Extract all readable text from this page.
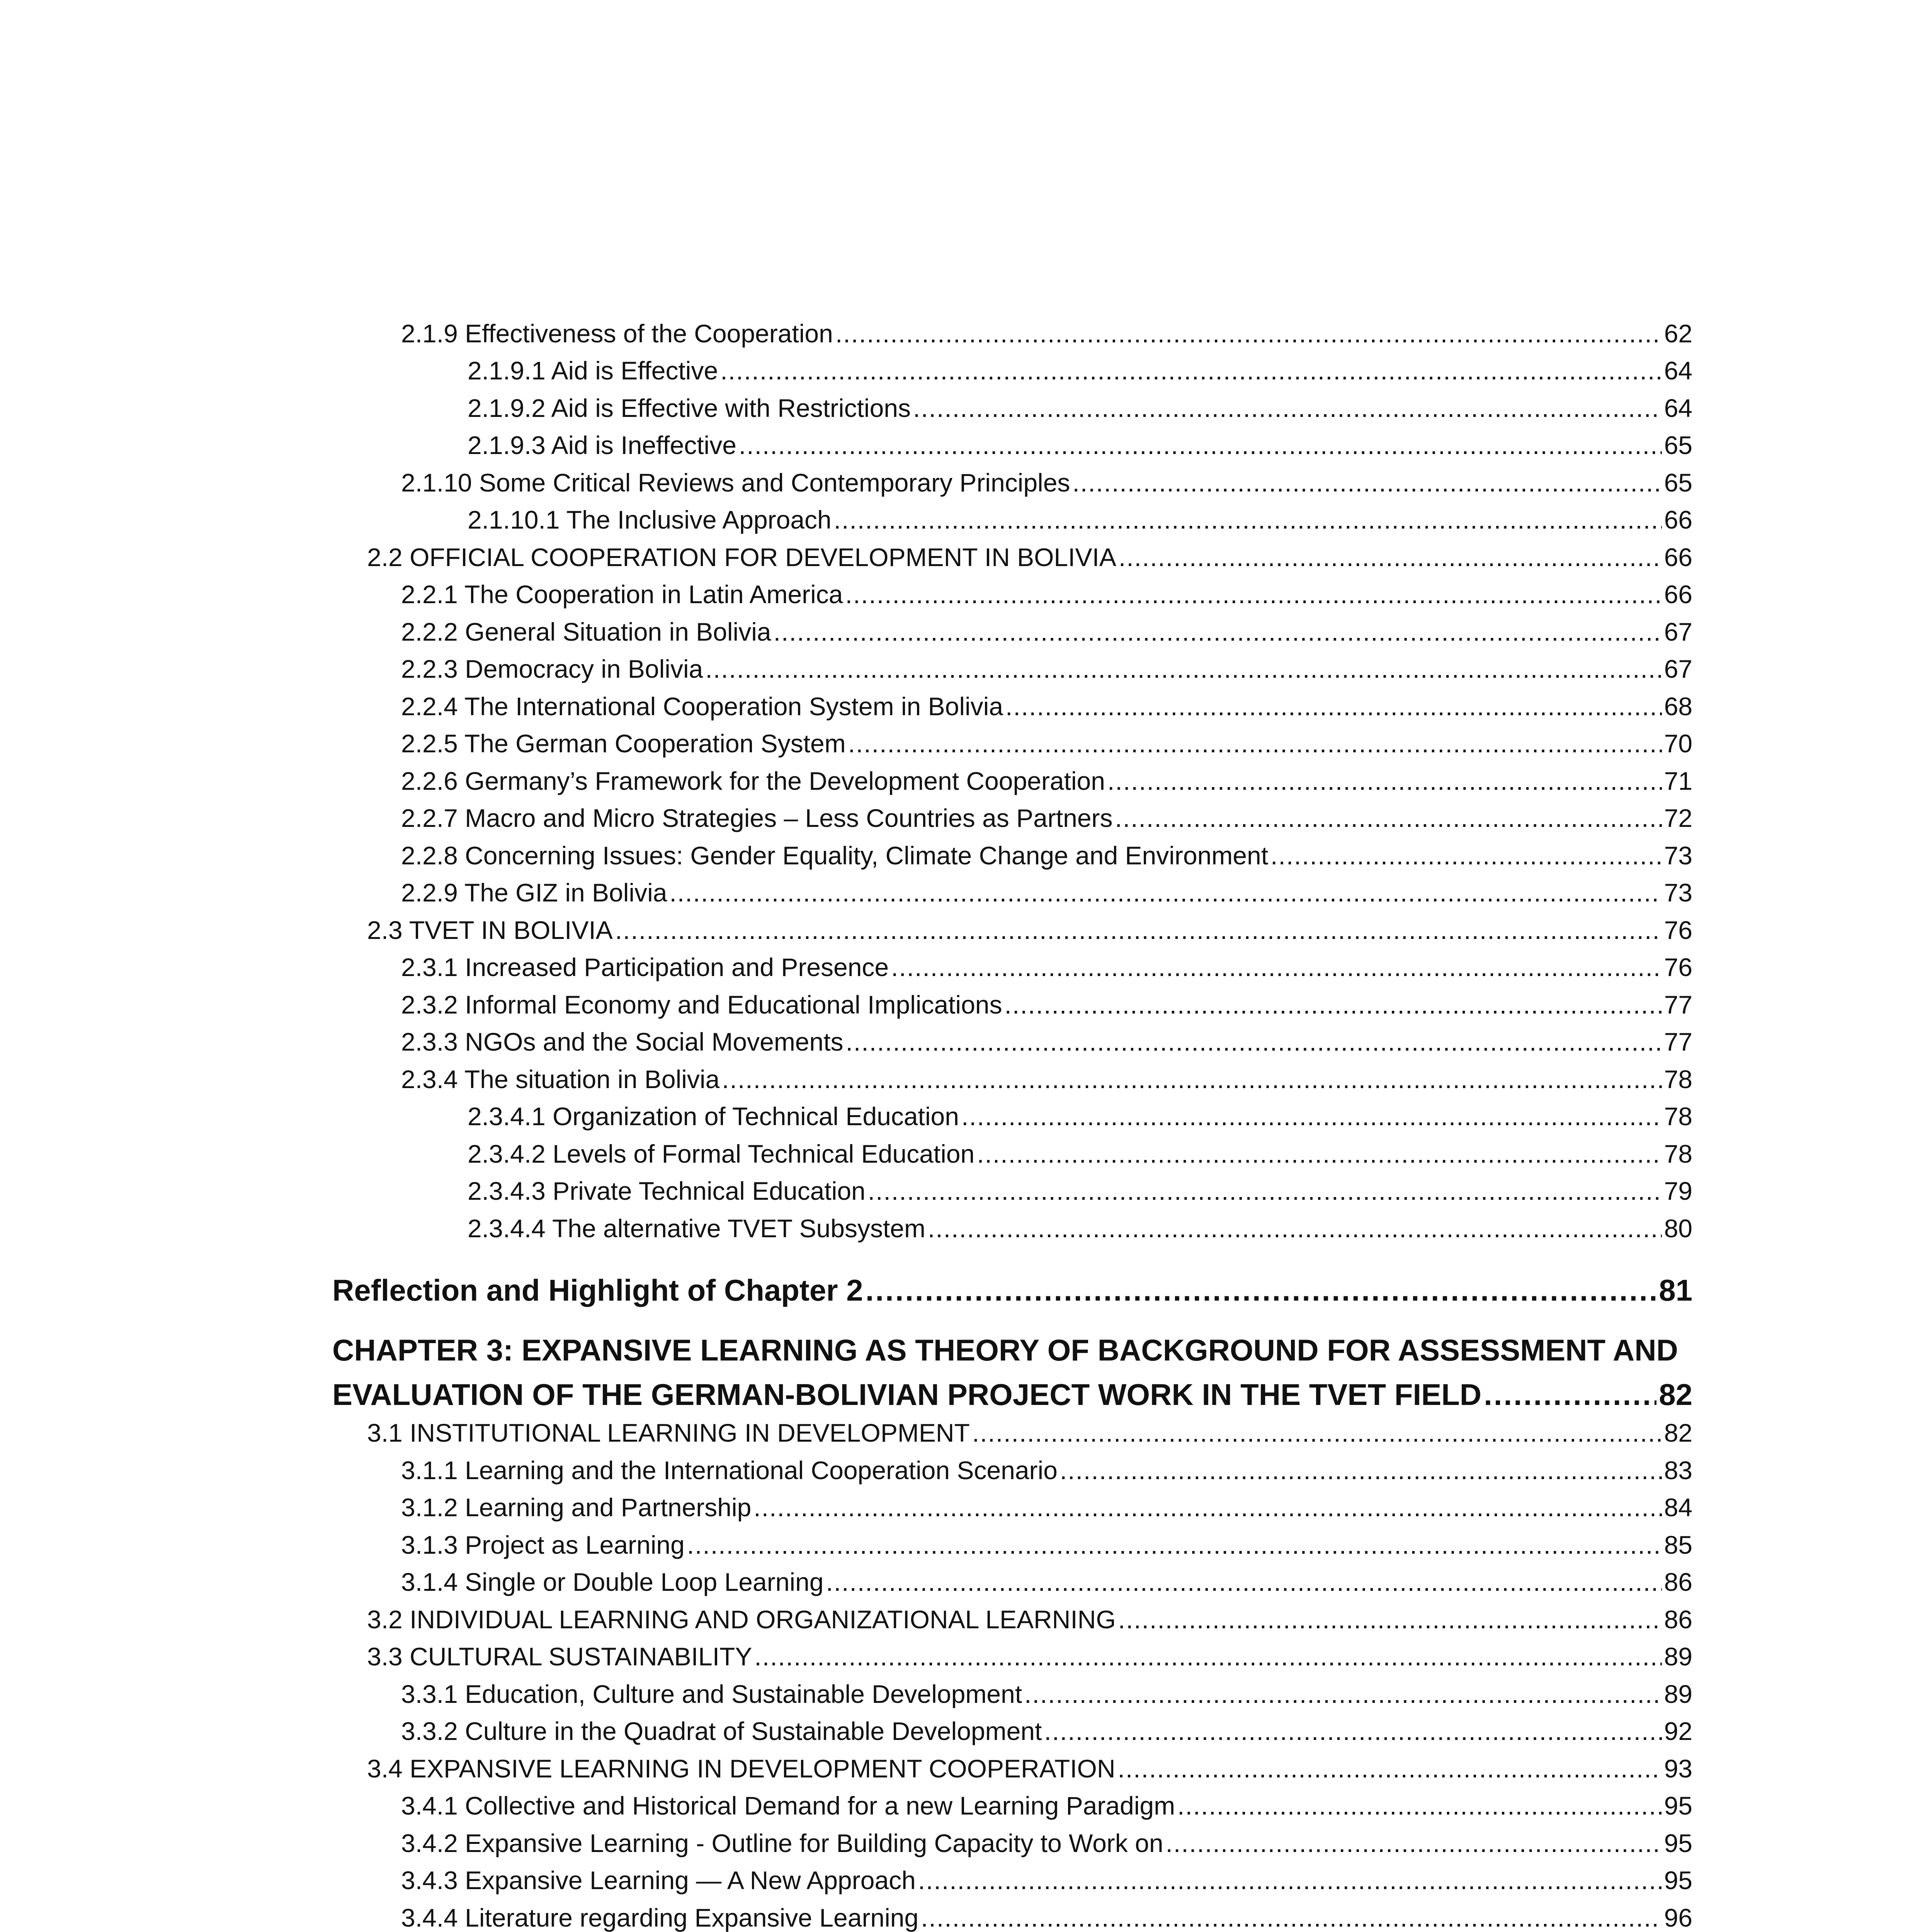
2.1.9 Effectiveness of the Cooperation .....	62
2.1.9.1 Aid is Effective .....	64
2.1.9.2 Aid is Effective with Restrictions .....	64
2.1.9.3 Aid is Ineffective .....	65
2.1.10 Some Critical Reviews and Contemporary Principles .....	65
2.1.10.1 The Inclusive Approach .....	66
2.2 OFFICIAL COOPERATION FOR DEVELOPMENT IN BOLIVIA .....	66
2.2.1 The Cooperation in Latin America .....	66
2.2.2 General Situation in Bolivia .....	67
2.2.3 Democracy in Bolivia .....	67
2.2.4 The International Cooperation System in Bolivia .....	68
2.2.5 The German Cooperation System .....	70
2.2.6 Germany’s Framework for the Development Cooperation .....	71
2.2.7 Macro and Micro Strategies – Less Countries as Partners .....	72
2.2.8 Concerning Issues: Gender Equality, Climate Change and Environment .....	73
2.2.9 The GIZ in Bolivia .....	73
2.3 TVET IN BOLIVIA .....	76
2.3.1 Increased Participation and Presence .....	76
2.3.2 Informal Economy and Educational Implications .....	77
2.3.3 NGOs and the Social Movements .....	77
2.3.4 The situation in Bolivia .....	78
2.3.4.1 Organization of Technical Education .....	78
2.3.4.2 Levels of Formal Technical Education .....	78
2.3.4.3 Private Technical Education .....	79
2.3.4.4 The alternative TVET Subsystem .....	80
Reflection and Highlight of Chapter 2 .....	81
CHAPTER 3: EXPANSIVE LEARNING AS THEORY OF BACKGROUND FOR ASSESSMENT AND
EVALUATION OF THE GERMAN-BOLIVIAN PROJECT WORK IN THE TVET FIELD .....	82
3.1 INSTITUTIONAL LEARNING IN DEVELOPMENT .....	82
3.1.1 Learning and the International Cooperation Scenario .....	83
3.1.2 Learning and Partnership .....	84
3.1.3 Project as Learning .....	85
3.1.4 Single or Double Loop Learning .....	86
3.2 INDIVIDUAL LEARNING AND ORGANIZATIONAL LEARNING .....	86
3.3 CULTURAL SUSTAINABILITY .....	89
3.3.1 Education, Culture and Sustainable Development .....	89
3.3.2 Culture in the Quadrat of Sustainable Development .....	92
3.4 EXPANSIVE LEARNING IN DEVELOPMENT COOPERATION .....	93
3.4.1 Collective and Historical Demand for a new Learning Paradigm .....	95
3.4.2 Expansive Learning - Outline for Building Capacity to Work on .....	95
3.4.3 Expansive Learning — A New Approach .....	95
3.4.4 Literature regarding Expansive Learning .....	96
